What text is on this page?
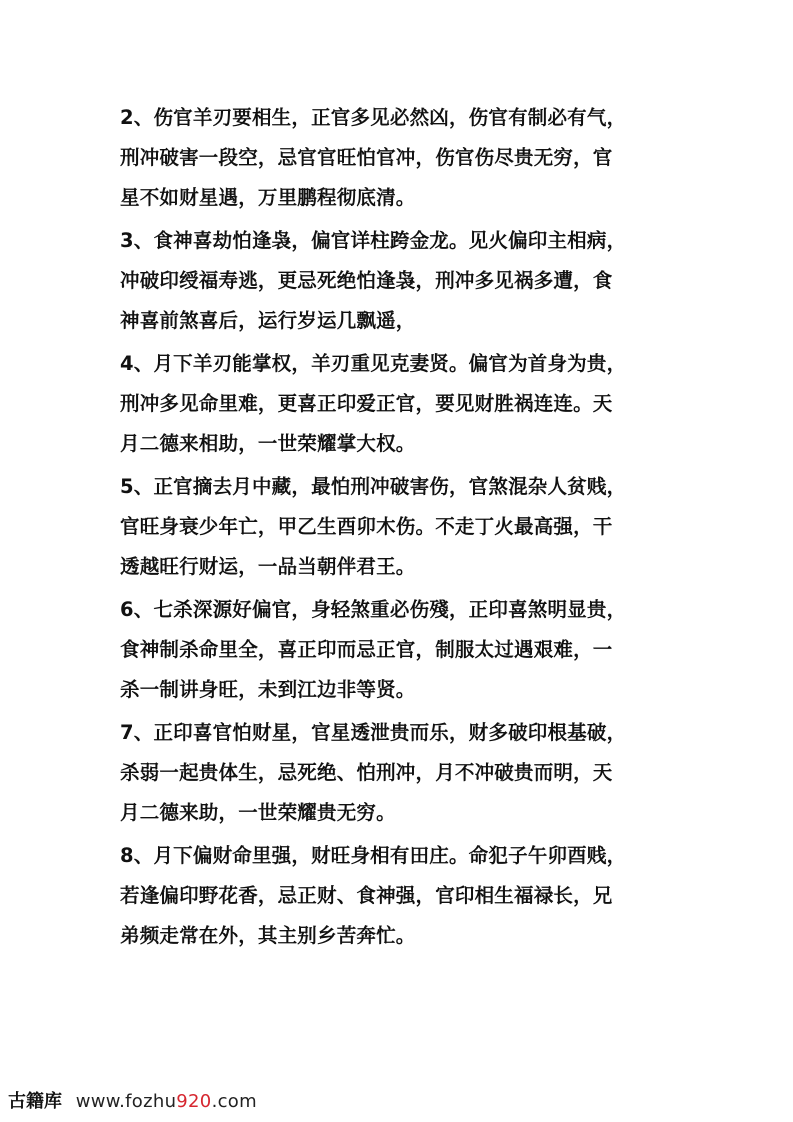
2、伤官羊刃要相生，正官多见必然凶，伤官有制必有气，
刑冲破害一段空，忌官官旺怕官冲，伤官伤尽贵无穷，官
星不如财星遇，万里鹏程彻底清。
3、食神喜劫怕逢袅，偏官详柱跨金龙。见火偏印主相病，
冲破印绶福寿逃，更忌死绝怕逢袅，刑冲多见祸多遭，食
神喜前煞喜后，运行岁运几飘遥，
4、月下羊刃能掌权，羊刃重见克妻贤。偏官为首身为贵，
刑冲多见命里难，更喜正印爱正官，要见财胜祸连连。天
月二德来相助，一世荣耀掌大权。
5、正官摘去月中藏，最怕刑冲破害伤，官煞混杂人贫贱，
官旺身衰少年亡，甲乙生酉卯木伤。不走丁火最高强，干
透越旺行财运，一品当朝伴君王。
6、七杀深源好偏官，身轻煞重必伤殘，正印喜煞明显贵，
食神制杀命里全，喜正印而忌正官，制服太过遇艰难，一
杀一制讲身旺，未到江边非等贤。
7、正印喜官怕财星，官星透泄贵而乐，财多破印根基破，
杀弱一起贵体生，忌死绝、怕刑冲，月不冲破贵而明，天
月二德来助，一世荣耀贵无穷。
8、月下偏财命里强，财旺身相有田庄。命犯子午卯酉贱，
若逢偏印野花香，忌正财、食神强，官印相生福禄长，兄
弟频走常在外，其主别乡苦奔忙。
古籍库 www.fozhu920.com
